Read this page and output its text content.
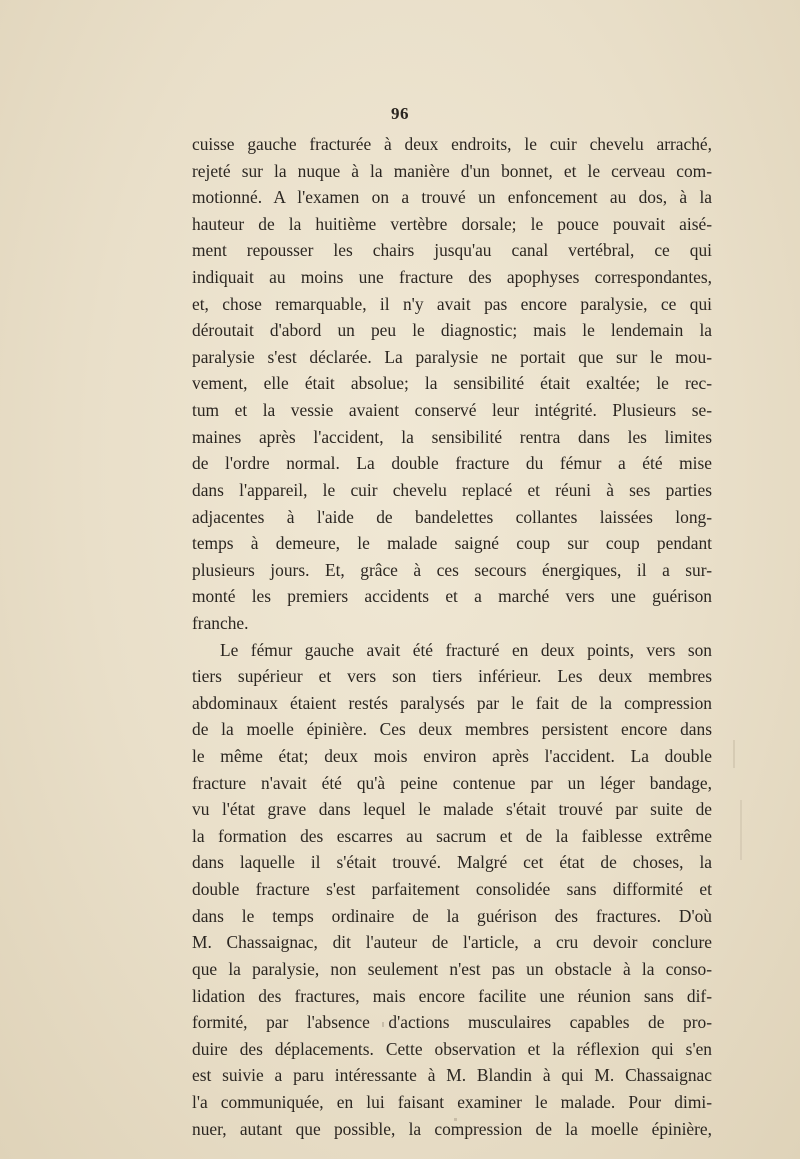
96
cuisse gauche fracturée à deux endroits, le cuir chevelu arraché,
rejeté sur la nuque à la manière d'un bonnet, et le cerveau com-
motionné. A l'examen on a trouvé un enfoncement au dos, à la
hauteur de la huitième vertèbre dorsale; le pouce pouvait aisé-
ment repousser les chairs jusqu'au canal vertébral, ce qui
indiquait au moins une fracture des apophyses correspondantes,
et, chose remarquable, il n'y avait pas encore paralysie, ce qui
déroutait d'abord un peu le diagnostic; mais le lendemain la
paralysie s'est déclarée. La paralysie ne portait que sur le mou-
vement, elle était absolue; la sensibilité était exaltée; le rec-
tum et la vessie avaient conservé leur intégrité. Plusieurs se-
maines après l'accident, la sensibilité rentra dans les limites
de l'ordre normal. La double fracture du fémur a été mise
dans l'appareil, le cuir chevelu replacé et réuni à ses parties
adjacentes à l'aide de bandelettes collantes laissées long-
temps à demeure, le malade saigné coup sur coup pendant
plusieurs jours. Et, grâce à ces secours énergiques, il a sur-
monté les premiers accidents et a marché vers une guérison
franche.
Le fémur gauche avait été fracturé en deux points, vers son
tiers supérieur et vers son tiers inférieur. Les deux membres
abdominaux étaient restés paralysés par le fait de la compression
de la moelle épinière. Ces deux membres persistent encore dans
le même état; deux mois environ après l'accident. La double
fracture n'avait été qu'à peine contenue par un léger bandage,
vu l'état grave dans lequel le malade s'était trouvé par suite de
la formation des escarres au sacrum et de la faiblesse extrême
dans laquelle il s'était trouvé. Malgré cet état de choses, la
double fracture s'est parfaitement consolidée sans difformité et
dans le temps ordinaire de la guérison des fractures. D'où
M. Chassaignac, dit l'auteur de l'article, a cru devoir conclure
que la paralysie, non seulement n'est pas un obstacle à la conso-
lidation des fractures, mais encore facilite une réunion sans dif-
formité, par l'absence d'actions musculaires capables de pro-
duire des déplacements. Cette observation et la réflexion qui s'en
est suivie a paru intéressante à M. Blandin à qui M. Chassaignac
l'a communiquée, en lui faisant examiner le malade. Pour dimi-
nuer, autant que possible, la compression de la moelle épinière,
